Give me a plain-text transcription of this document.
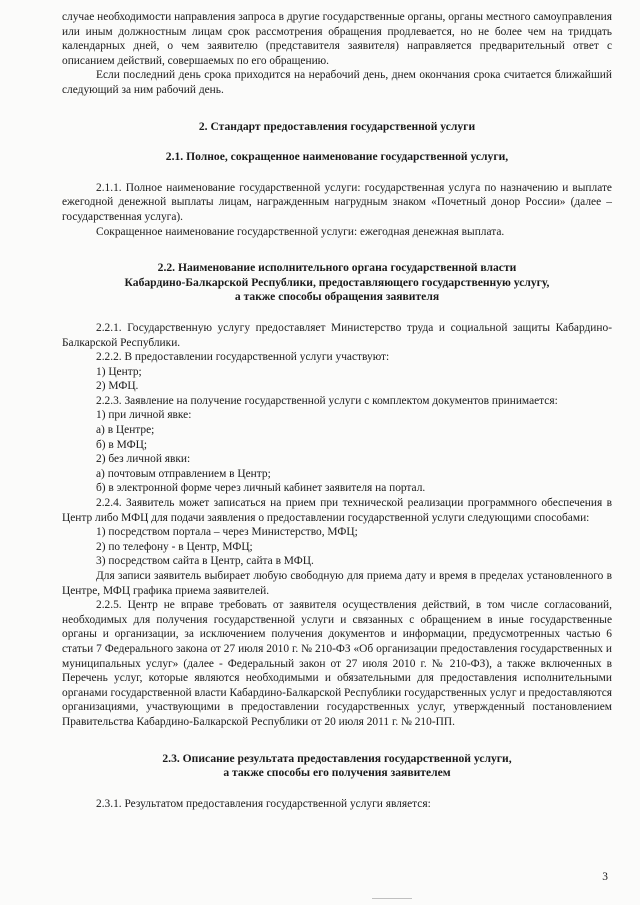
случае необходимости направления запроса в другие государственные органы, органы местного самоуправления или иным должностным лицам срок рассмотрения обращения продлевается, но не более чем на тридцать календарных дней, о чем заявителю (представителя заявителя) направляется предварительный ответ с описанием действий, совершаемых по его обращению.

Если последний день срока приходится на нерабочий день, днем окончания срока считается ближайший следующий за ним рабочий день.

2. Стандарт предоставления государственной услуги
2.1. Полное, сокращенное наименование государственной услуги,

2.1.1. Полное наименование государственной услуги: государственная услуга по назначению и выплате ежегодной денежной выплаты лицам, награжденным нагрудным знаком «Почетный донор России» (далее – государственная услуга).

Сокращенное наименование государственной услуги: ежегодная денежная выплата.

2.2. Наименование исполнительного органа государственной власти
Кабардино-Балкарской Республики, предоставляющего государственную услугу,
а также способы обращения заявителя

2.2.1. Государственную услугу предоставляет Министерство труда и социальной защиты Кабардино-Балкарской Республики.

2.2.2. В предоставлении государственной услуги участвуют:

1) Центр;

2) МФЦ.

2.2.3. Заявление на получение государственной услуги с комплектом документов принимается:

1) при личной явке:

а) в Центре;

б) в МФЦ;

2) без личной явки:

а) почтовым отправлением в Центр;

б) в электронной форме через личный кабинет заявителя на портал.

2.2.4. Заявитель может записаться на прием при технической реализации программного обеспечения в Центр либо МФЦ для подачи заявления о предоставлении государственной услуги следующими способами:

1) посредством портала – через Министерство, МФЦ;

2) по телефону - в Центр, МФЦ;

3) посредством сайта в Центр, сайта в МФЦ.

Для записи заявитель выбирает любую свободную для приема дату и время в пределах установленного в Центре, МФЦ графика приема заявителей.

2.2.5. Центр не вправе требовать от заявителя осуществления действий, в том числе согласований, необходимых для получения государственной услуги и связанных с обращением в иные государственные органы и организации, за исключением получения документов и информации, предусмотренных частью 6 статьи 7 Федерального закона от 27 июля 2010 г. № 210-ФЗ «Об организации предоставления государственных и муниципальных услуг» (далее - Федеральный закон от 27 июля 2010 г. № 210-ФЗ), а также включенных в Перечень услуг, которые являются необходимыми и обязательными для предоставления исполнительными органами государственной власти Кабардино-Балкарской Республики государственных услуг и предоставляются организациями, участвующими в предоставлении государственных услуг, утвержденный постановлением Правительства Кабардино-Балкарской Республики от 20 июля 2011 г. № 210-ПП.

2.3. Описание результата предоставления государственной услуги,
а также способы его получения заявителем

2.3.1. Результатом предоставления государственной услуги является:

3
